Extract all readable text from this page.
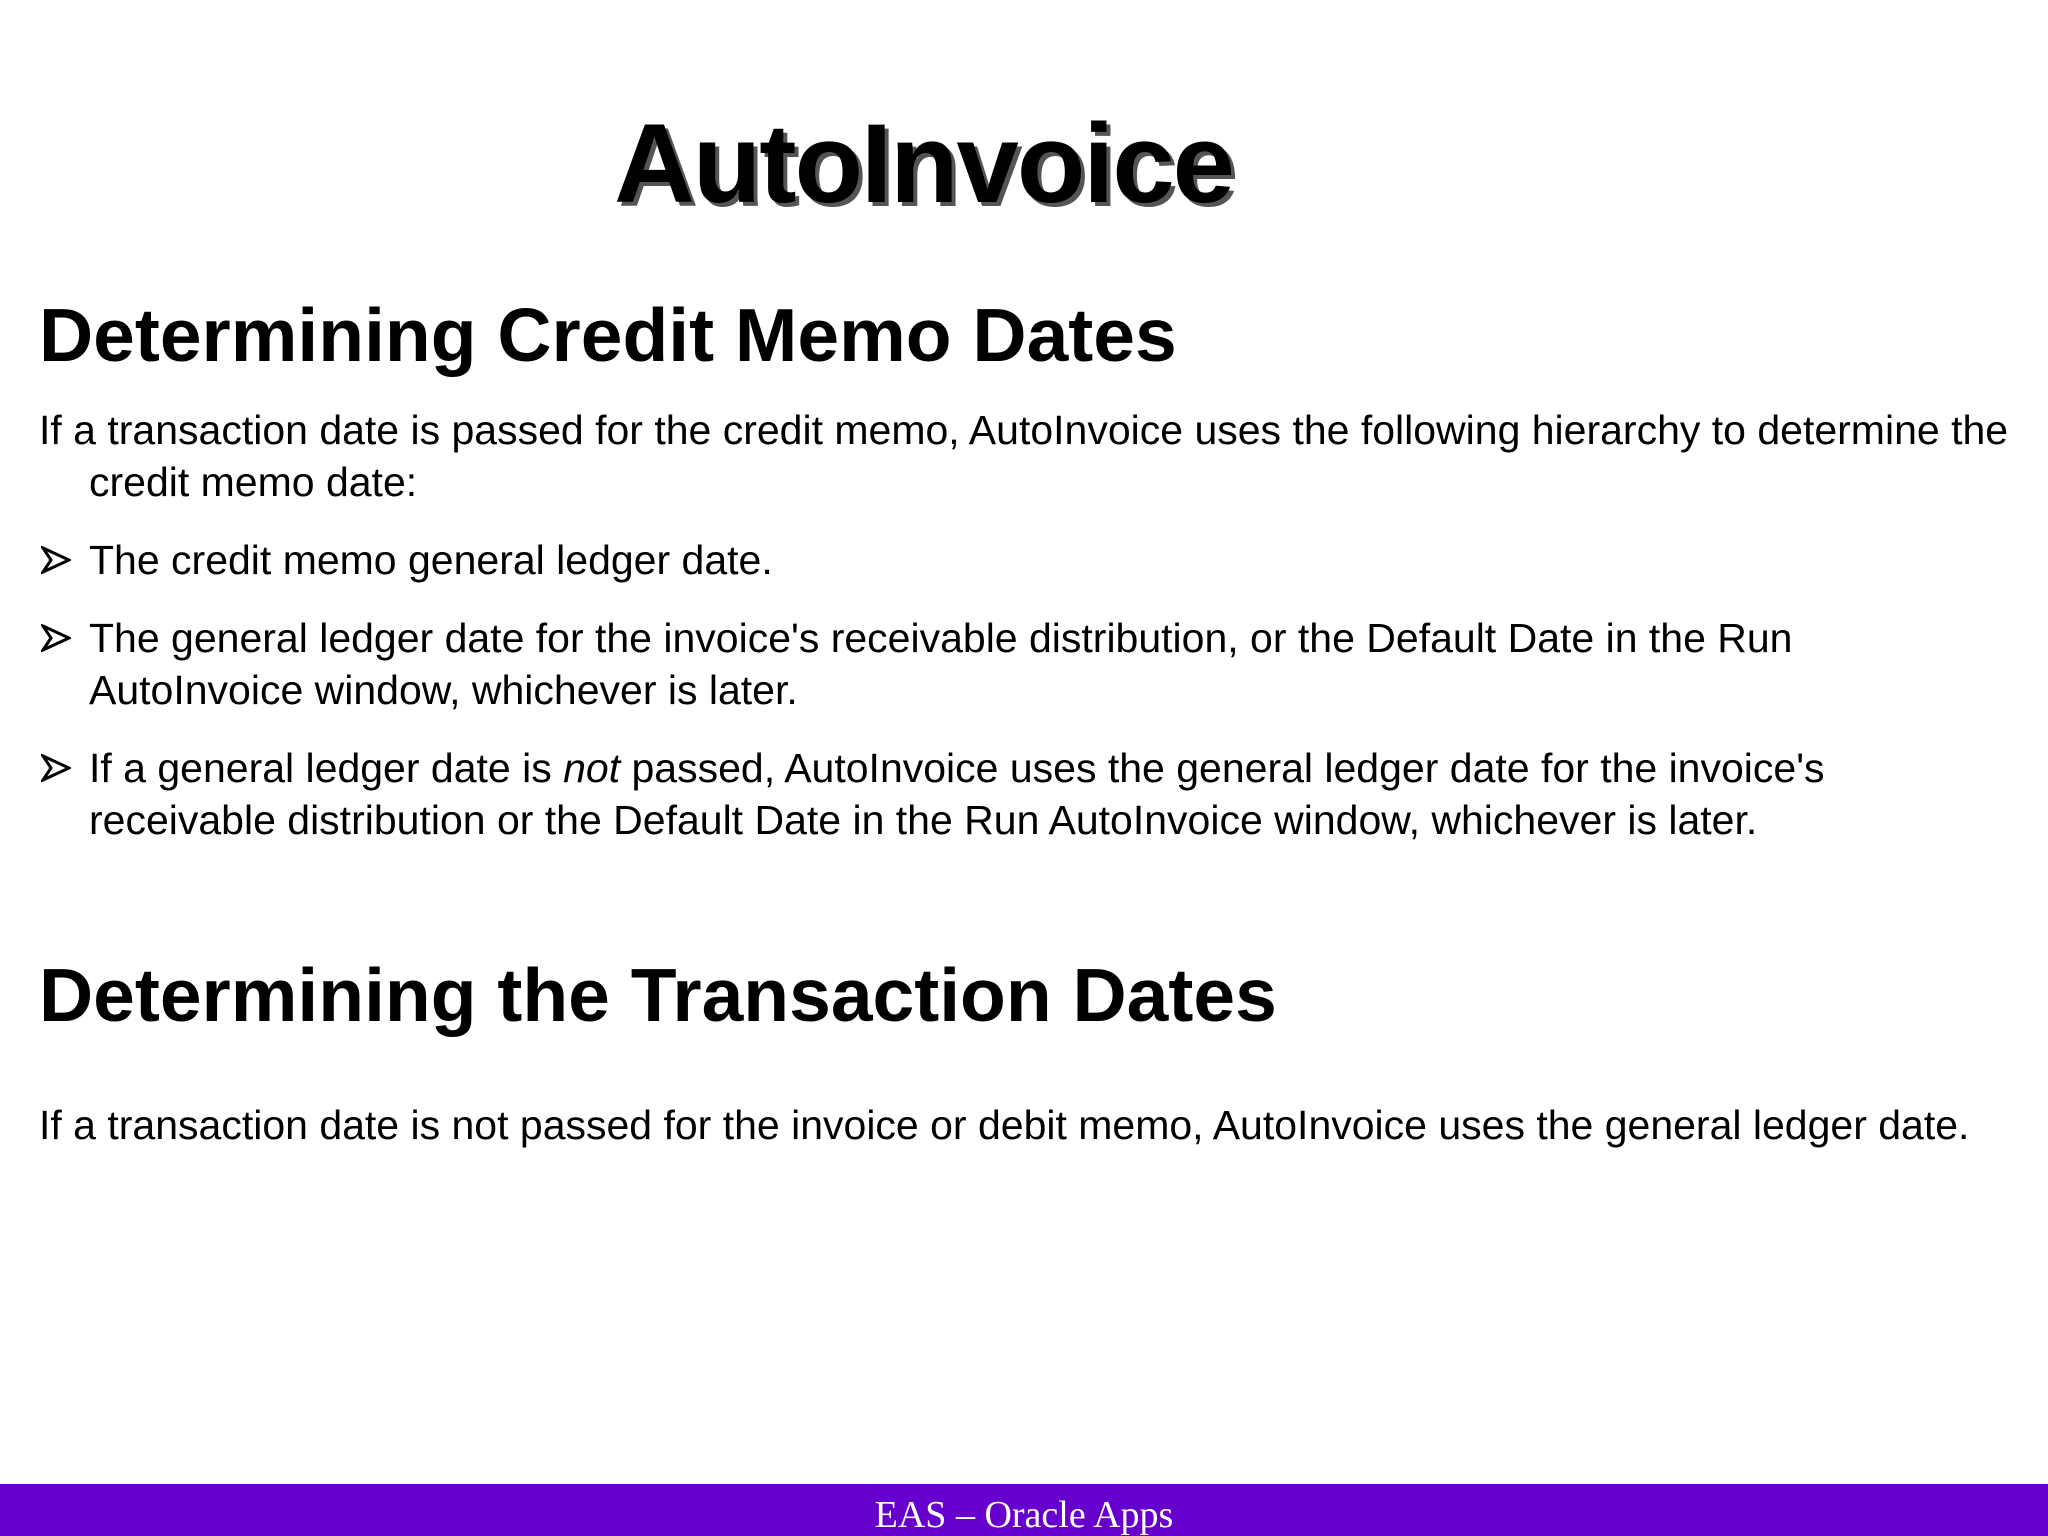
AutoInvoice
Determining Credit Memo Dates

If a transaction date is passed for the credit memo, AutoInvoice uses the following hierarchy to determine the credit memo date:

The credit memo general ledger date.
The general ledger date for the invoice's receivable distribution, or the Default Date in the Run AutoInvoice window, whichever is later.
If a general ledger date is not passed, AutoInvoice uses the general ledger date for the invoice's receivable distribution or the Default Date in the Run AutoInvoice window, whichever is later.
Determining the Transaction Dates

If a transaction date is not passed for the invoice or debit memo, AutoInvoice uses the general ledger date.

EAS – Oracle Apps
